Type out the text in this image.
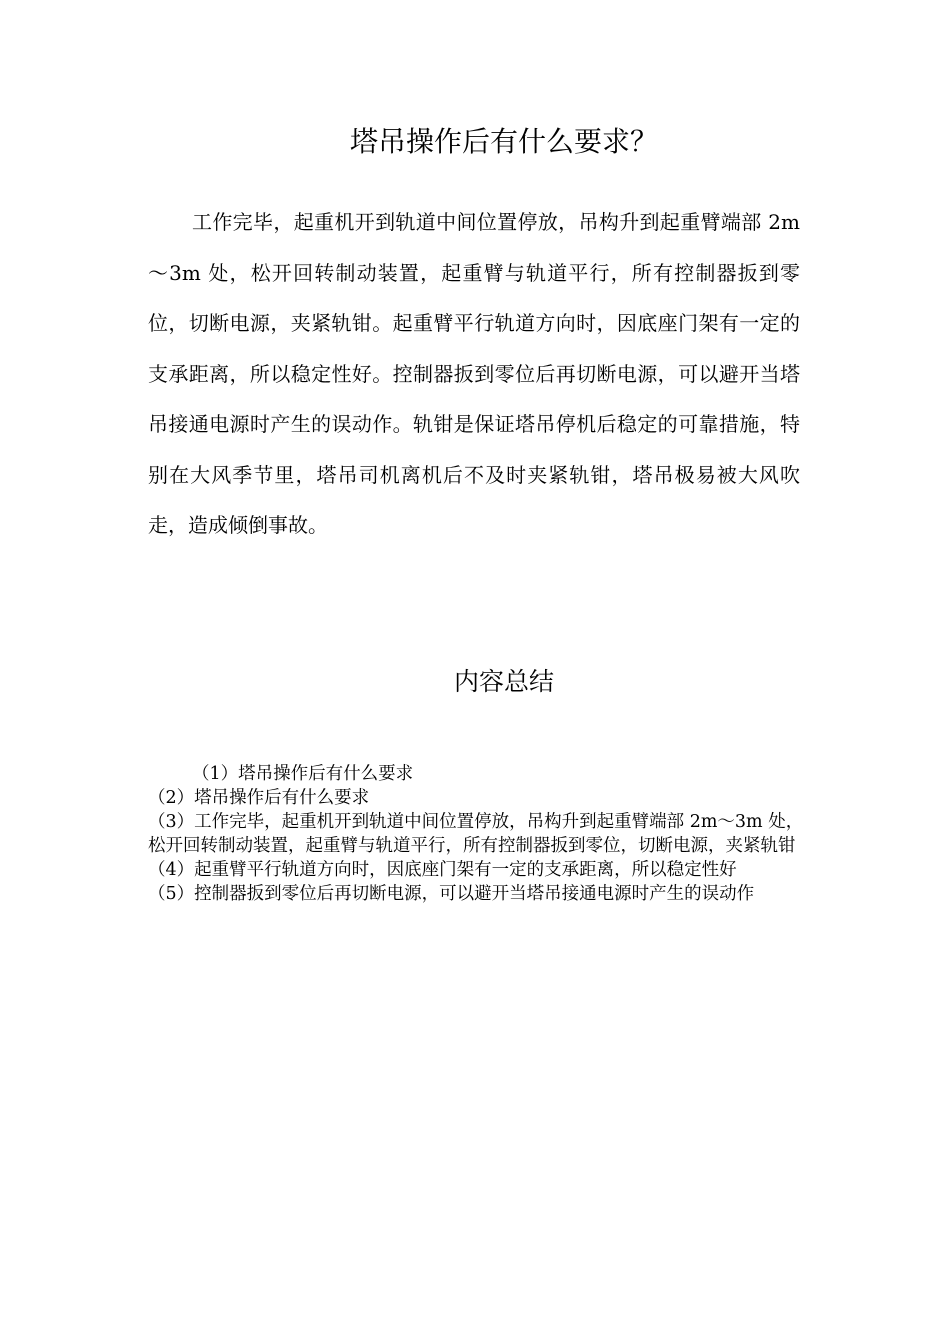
塔吊操作后有什么要求？

工作完毕，起重机开到轨道中间位置停放，吊构升到起重臂端部 2m～3m 处，松开回转制动装置，起重臂与轨道平行，所有控制器扳到零位，切断电源，夹紧轨钳。起重臂平行轨道方向时，因底座门架有一定的支承距离，所以稳定性好。控制器扳到零位后再切断电源，可以避开当塔吊接通电源时产生的误动作。轨钳是保证塔吊停机后稳定的可靠措施，特别在大风季节里，塔吊司机离机后不及时夹紧轨钳，塔吊极易被大风吹走，造成倾倒事故。

内容总结
（1）塔吊操作后有什么要求
（2）塔吊操作后有什么要求
（3）工作完毕，起重机开到轨道中间位置停放，吊构升到起重臂端部 2m～3m 处，松开回转制动装置，起重臂与轨道平行，所有控制器扳到零位，切断电源，夹紧轨钳
（4）起重臂平行轨道方向时，因底座门架有一定的支承距离，所以稳定性好
（5）控制器扳到零位后再切断电源，可以避开当塔吊接通电源时产生的误动作
